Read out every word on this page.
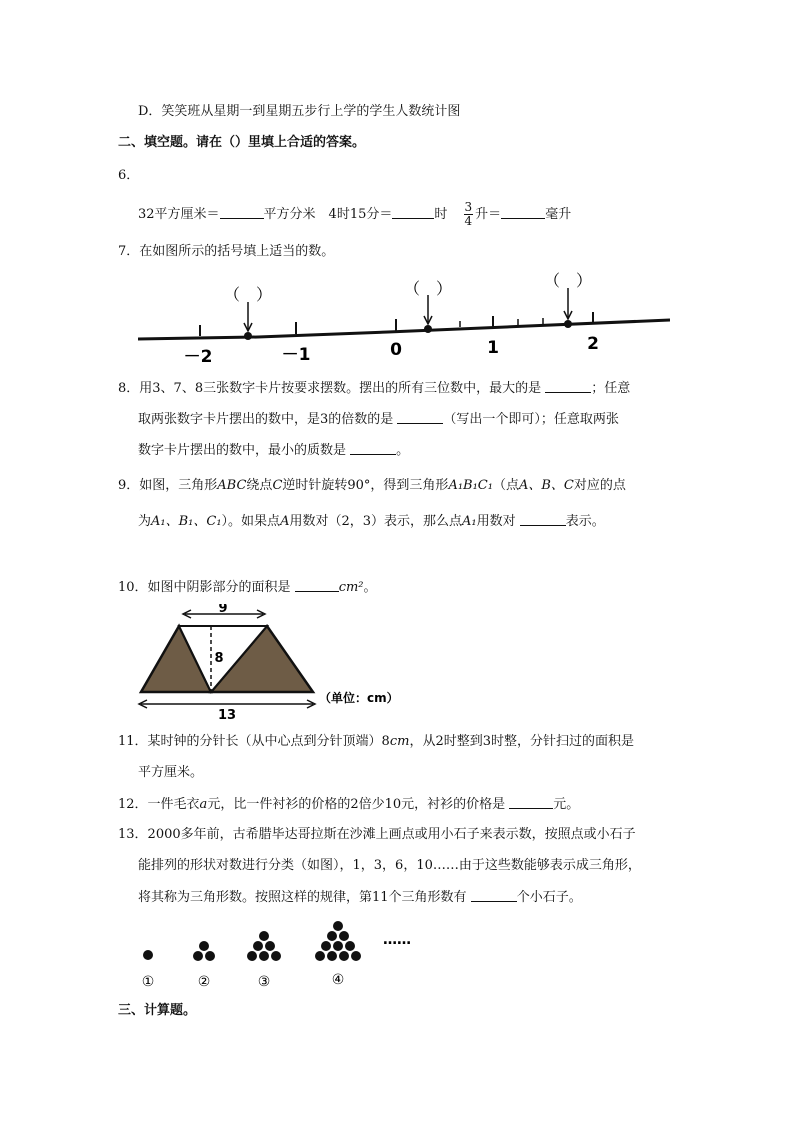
D．笑笑班从星期一到星期五步行上学的学生人数统计图
二、填空题。请在（）里填上合适的答案。
6．
32平方厘米＝	平方分米　4时15分＝	时 $\frac{3}{4}$ 升＝	毫升
7．在如图所示的括号填上适当的数。
（　）	（　）	（　）
－2	－1	0	1	2
8．用3、7、8三张数字卡片按要求摆数。摆出的所有三位数中，最大的是	；任意
取两张数字卡片摆出的数中，是3的倍数的是	（写出一个即可）；任意取两张
数字卡片摆出的数中，最小的质数是	。
9．如图，三角形ABC绕点C逆时针旋转90°，得到三角形A₁B₁C₁（点A、B、C对应的点
为A₁、B₁、C₁）。如果点A用数对（2，3）表示，那么点A₁用数对	表示。
10．如图中阴影部分的面积是	cm²。
9
8
13
（单位：cm）
11．某时钟的分针长（从中心点到分针顶端）8cm，从2时整到3时整，分针扫过的面积是
平方厘米。
12．一件毛衣a元，比一件衬衫的价格的2倍少10元，衬衫的价格是	元。
13．2000多年前，古希腊毕达哥拉斯在沙滩上画点或用小石子来表示数，按照点或小石子
能排列的形状对数进行分类（如图），1，3，6，10……由于这些数能够表示成三角形，
将其称为三角形数。按照这样的规律，第11个三角形数有	个小石子。
……
①	②	③	④
三、计算题。
